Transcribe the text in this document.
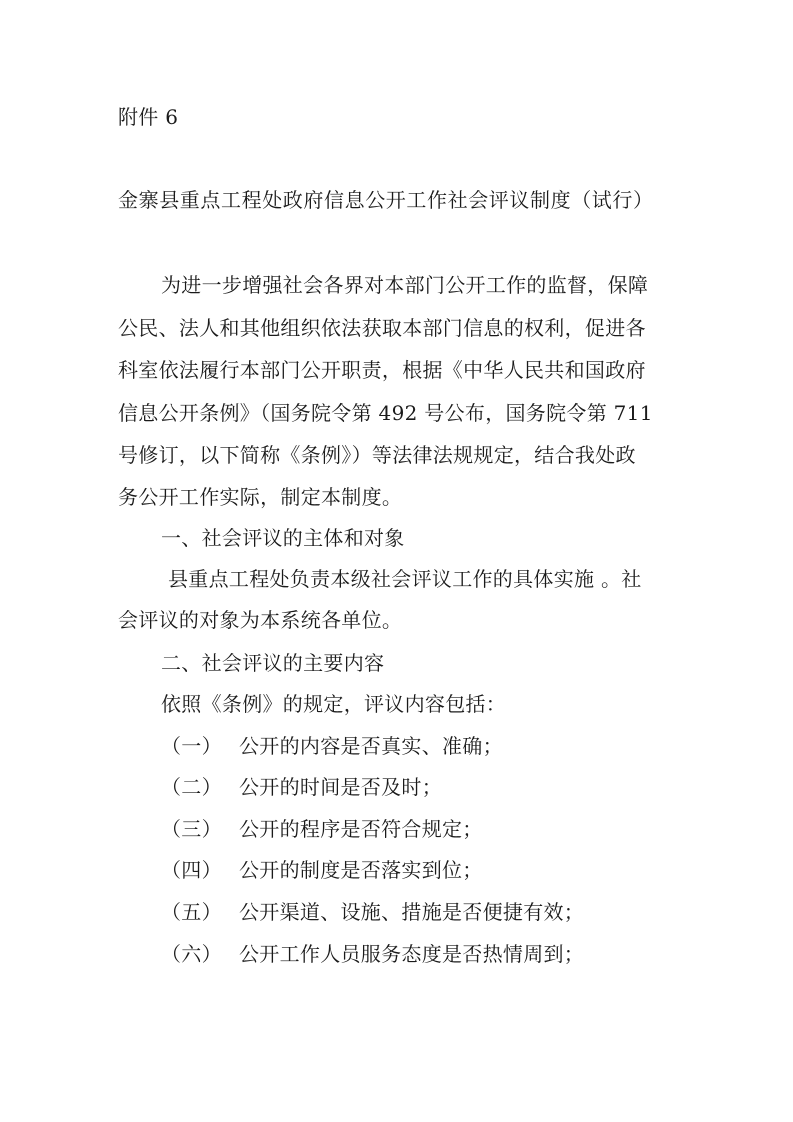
附件 6
金寨县重点工程处政府信息公开工作社会评议制度（试行）
为进一步增强社会各界对本部门公开工作的监督，保障
公民、法人和其他组织依法获取本部门信息的权利，促进各
科室依法履行本部门公开职责，根据《中华人民共和国政府
信息公开条例》（国务院令第 492 号公布，国务院令第 711
号修订，以下简称《条例》）等法律法规规定，结合我处政
务公开工作实际，制定本制度。
一、社会评议的主体和对象
县重点工程处负责本级社会评议工作的具体实施 。社
会评议的对象为本系统各单位。
二、社会评议的主要内容
依照《条例》的规定，评议内容包括：
（一） 公开的内容是否真实、准确；
（二） 公开的时间是否及时；
（三） 公开的程序是否符合规定；
（四） 公开的制度是否落实到位；
（五） 公开渠道、设施、措施是否便捷有效；
（六） 公开工作人员服务态度是否热情周到；
